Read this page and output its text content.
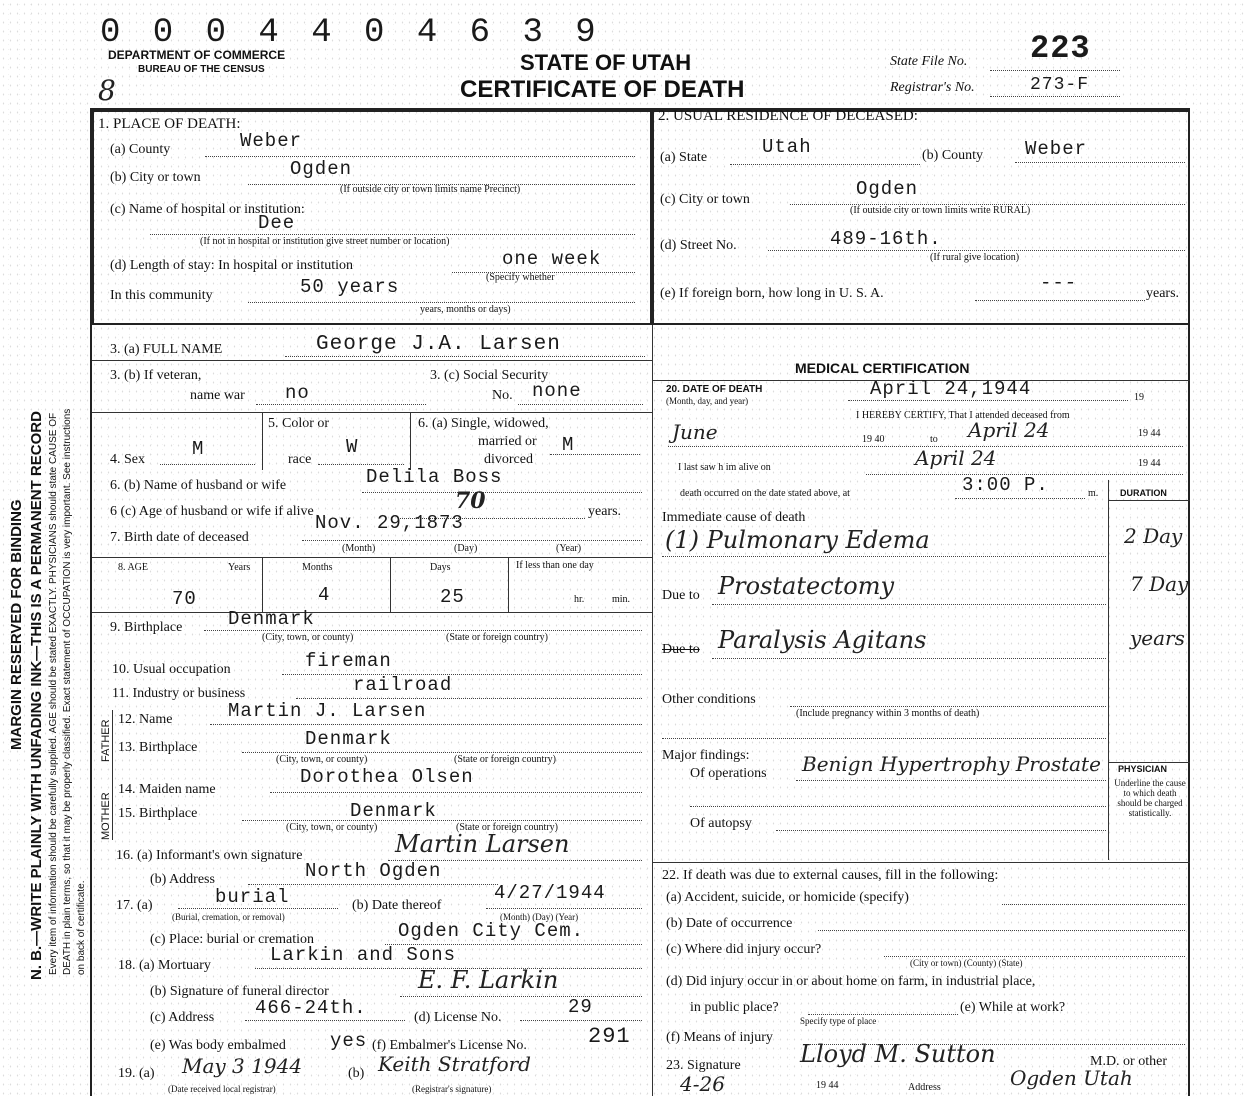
MARGIN RESERVED FOR BINDING N. B.—WRITE PLAINLY WITH UNFADING INK—THIS IS A PERMANENT RECORD Every item of information should be carefully supplied. AGE should be stated EXACTLY. PHYSICIANS should state CAUSE OF DEATH in plain terms, so that it may be properly classified. Exact statement of OCCUPATION is very important. See instructions on back of certificate.
0 0 0 4 4 0 4 6 3 9
8
DEPARTMENT OF COMMERCE
BUREAU OF THE CENSUS	STATE OF UTAH
CERTIFICATE OF DEATH
State File No. 223
Registrar's No.	273-F
1. PLACE OF DEATH:
(a) County	Weber
(b) City or town	Ogden
(If outside city or town limits name Precinct)
(c) Name of hospital or institution:
Dee
(If not in hospital or institution give street number or location)
(d) Length of stay: In hospital or institution	one week
(Specify whether
In this community	50 years
years, months or days)
2. USUAL RESIDENCE OF DECEASED:
(a) State	Utah	(b) County Weber
(c) City or town	Ogden
(If outside city or town limits write RURAL)
(d) Street No.	489-16th.
(If rural give location)
(e) If foreign born, how long in U. S. A.	---	years.
3. (a) FULL NAME	George J.A. Larsen
3. (b) If veteran,
name war no
3. (c) Social Security
No. none
4. Sex M
5. Color or
race
W
6. (a) Single, widowed,
married or
divorced
M
6. (b) Name of husband or wife	Delila Boss
6 (c) Age of husband or wife if alive	70	years.
7. Birth date of deceased
Nov. 29,1873
(Month)	(Day)	(Year)
8. AGE	Years	Months	Days	If less than one day
70	4	25	hr.	min.
9. Birthplace Denmark
(City, town, or county)	(State or foreign country)
10. Usual occupation	fireman
11. Industry or business	railroad
FATHER
MOTHER
12. Name	Martin J. Larsen
13. Birthplace	Denmark
(City, town, or county)	(State or foreign country)
14. Maiden name
Dorothea Olsen
15. Birthplace	Denmark
(City, town, or county)	(State or foreign country)
16. (a) Informant's own signature	Martin Larsen
(b) Address	North Ogden
17. (a)	burial
(Burial, cremation, or removal)
(b) Date thereof
4/27/1944
(Month) (Day) (Year)
(c) Place: burial or cremation	Ogden City Cem.
18. (a) Mortuary	Larkin and Sons
(b) Signature of funeral director	E. F. Larkin
(c) Address 466-24th.	(d) License No.	29
(e) Was body embalmed yes (f) Embalmer's License No.	291
19. (a) May 3 1944
(Date received local registrar)
(b) Keith Stratford
(Registrar's signature)
MEDICAL CERTIFICATION
20. DATE OF DEATH
(Month, day, and year)
April 24,1944	19
I HEREBY CERTIFY, That I attended deceased from
June	19 40	to April 24	19 44
I last saw h im alive on	April 24	19 44
death occurred on the date stated above, at	3:00 P.	m. DURATION
Immediate cause of death
(1) Pulmonary Edema	2 Day
Due to Prostatectomy	7 Day
Due to Paralysis Agitans	years
Other conditions
(Include pregnancy within 3 months of death)
Major findings:
Of operations Benign Hypertrophy Prostate
Of autopsy
PHYSICIAN
Underline the cause to which death should be charged statistically.
22. If death was due to external causes, fill in the following:
(a) Accident, suicide, or homicide (specify)
(b) Date of occurrence
(c) Where did injury occur?
(City or town) (County) (State)
(d) Did injury occur in or about home on farm, in industrial place,
in public place?
Specify type of place
(e) While at work?
(f) Means of injury
23. Signature Lloyd M. Sutton	M.D. or other
4-26	19 44	Address	Ogden Utah
